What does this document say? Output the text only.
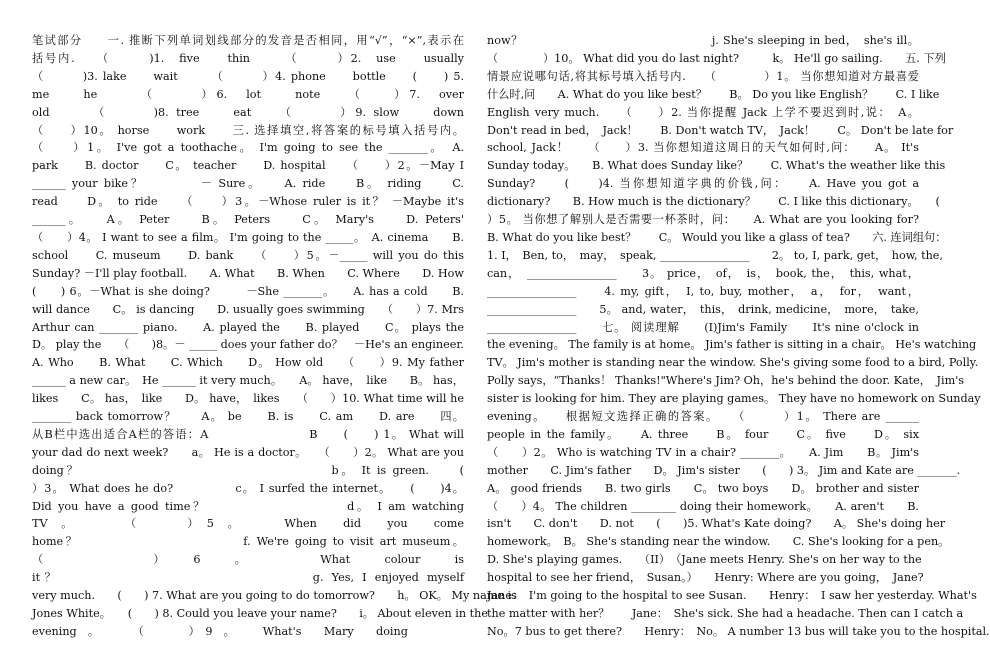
笔试部分　　一. 推断下列单词划线部分的发音是否相同，用“√”，“×”,表示在

括号内.　　（　　　)1.　five　　thin　　　（　　　）2.　use　　usually

（　　　)3. lake　　wait　　　（　　　）4. phone　　bottle　　(　　) 5.

me　　he　　　（　　　）6.　lot　　note　　（　　）7.　over

old　　　（　　　)8. tree　　eat　　（　　　）9. slow　　down

（　　）10。 horse　　work　　三. 选择填空,将答案的标号填入括号内。

（　　）1。 I've got a toothache。 I'm going to see the _______。　A.

park　　B. doctor　　C。 teacher　　D. hospital　　（　　）2。－May I

______ your bike？　　　　－ Sure。　　A. ride　　B。 riding　　C.

read　　D。 to ride　　（　　）3。－Whose ruler is it？ －Maybe it's

______。　　A。 Peter　　B。 Peters　　C。 Mary's　　D. Peters'

（　　）4。 I want to see a film。 I'm going to the _____。　A. cinema　　B.

school　　C. museum　　D. bank　　（　　）5。－_____ will you do this

Sunday? －I'll play football.　　A. What　　B. When　　C. Where　　D. How

(　　) 6。－What is she doing?　　　－She _______。　　A. has a cold　　B.

will dance　　C。 is dancing　　D. usually goes swimming　　（　　）7. Mrs

Arthur can _______ piano.　　A. played the　　B. played　　C。 plays the

D。 play the　　（　　)8。－ _____ does your father do？　－He's an engineer.

A. Who　　B. What　　C. Which　　D。 How old　　（　　）9. My father

______ a new car。　He ______ it very much。　　A。 have，　like　　B。 has，

likes　　C。 has，　like　　D。 have，　likes　　（　　）10. What time will he

_______ back tomorrow？　　A。 be　　B. is　　C. am　　D. are　　四。

从B栏中选出适合A栏的答语：A　　　　　　　　B　　(　　) 1。 What will

your dad do next week?　　a。 He is a doctor。　　（　　）2。 What are you

doing？　　　　　　　　　　　　　　　　　　b。 It is green.　　(

）3。 What does he do?　　　　　c。 I surfed the internet。　　(　　)4。

Did you have a good time？　　　　　　　　　　d。 I am watching

TV　。　　　　　（　　　　）　5　。　　　　When　　did　　you　　come

home？　　　　　　　　　　　　f. We're going to visit art museum。

（　　　　　　　）　　6　　。　　　　　What　　colour　　is

it？　　　　　　　　　　　　　　　　g. Yes, I enjoyed myself

very much.　　(　　) 7. What are you going to do tomorrow?　　h。 OK。 My name is

Jones White。　　(　　) 8. Could you leave your name?　　i。 About eleven in the

evening　。　　　　（　　　　）　9　。　　　What's　　Mary　　doing

now？　　　　　　　　　　　　　　　　j. She's sleeping in bed，　she's ill。

（　　　　）10。 What did you do last night?　　　k。 He'll go sailing.　　五. 下列

情景应说哪句话,将其标号填入括号内.　　（　　　　）1。 当你想知道对方最喜爱

什么时,问　　A. What do you like best？　　B。 Do you like English？　　C. I like

English very much.　　（　　）2. 当你提醒 Jack 上学不要迟到时,说：　A。

Don't read in bed，　Jack！　　B. Don't watch TV，　Jack！　　C。 Don't be late for

school, Jack！　　（　　）3. 当你想知道这周日的天气如何时,问：　　A。 It's

Sunday today。　　B. What does Sunday like？　　C. What's the weather like this

Sunday?　　(　　)4. 当你想知道字典的价钱,问：　　A. Have you got a

dictionary?　　B. How much is the dictionary？　　C. I like this dictionary。　　(

）5。 当你想了解别人是否需要一杯茶时，问：　　A. What are you looking for?

B. What do you like best？　　C。 Would you like a glass of tea?　　六. 连词组句：

1. I，　Ben, to，　may，　speak, ________________　　2。 to, I, park, get，　how, the,

can，　________________　　3。 price，　of，　is，　book, the，　this, what，

________________　　4. my, gift，　I, to, buy, mother，　a，　for，　want，

________________　　5。 and, water，　this，　drink, medicine，　more，　take,

________________　　七。 阅读理解　　(I)Jim's Family　　It's nine o'clock in

the evening。 The family is at home。 Jim's father is sitting in a chair。 He's watching

TV。 Jim's mother is standing near the window. She's giving some food to a bird, Polly.

Polly says，“Thanks！ Thanks!"Where's Jim? Oh，he's behind the door. Kate，　Jim's

sister is looking for him. They are playing games。 They have no homework on Sunday

evening。　　根据短文选择正确的答案。　　（　　　）1。 There are ______

people in the family。　　A. three　　B。 four　　C。 five　　D。 six

（　　）2。 Who is watching TV in a chair? _______。　　A. Jim　　B。 Jim's

mother　　C. Jim's father　　D。 Jim's sister　　(　　) 3。 Jim and Kate are _______.

A。 good friends　　B. two girls　　C。 two boys　　D。 brother and sister

（　　）4。 The children ________ doing their homework。　　A. aren't　　B.

isn't　　C. don't　　D. not　　(　　)5. What's Kate doing?　　A。 She's doing her

homework。　B。 She's standing near the window.　　C. She's looking for a pen。

D. She's playing games.　　（II）　（Jane meets Henry. She's on her way to the

hospital to see her friend，　Susan。）　　Henry: Where are you going，　Jane?

Jane：　I'm going to the hospital to see Susan.　　Henry：　I saw her yesterday. What's

the matter with her？　　Jane：　She's sick. She had a headache. Then can I catch a

No。7 bus to get there?　　Henry：　No。 A number 13 bus will take you to the hospital.
